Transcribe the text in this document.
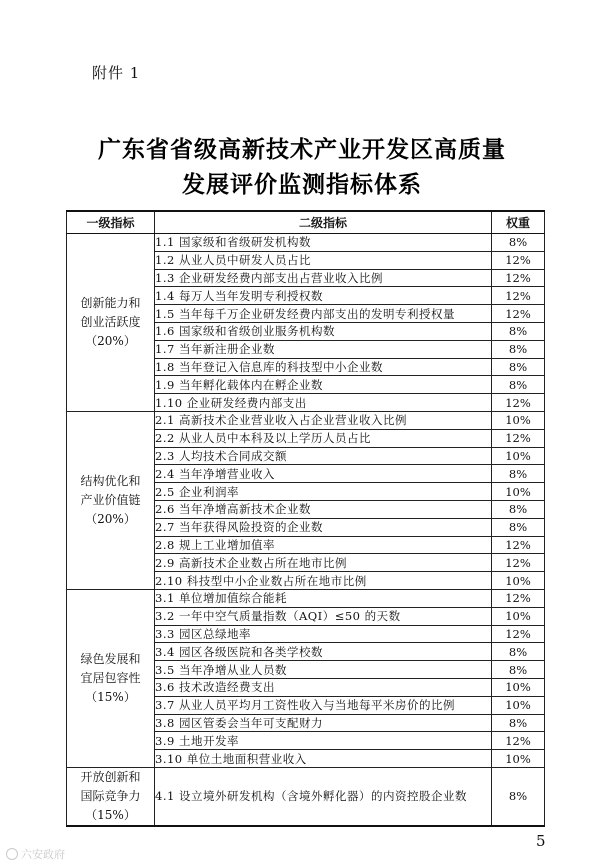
附件 1
广东省省级高新技术产业开发区高质量
发展评价监测指标体系
一级指标	二级指标	权重

创新能力和
创业活跃度
（20%）	1.1 国家级和省级研发机构数	8%
	1.2 从业人员中研发人员占比	12%
	1.3 企业研发经费内部支出占营业收入比例	12%
	1.4 每万人当年发明专利授权数	12%
	1.5 当年每千万企业研发经费内部支出的发明专利授权量	12%
	1.6 国家级和省级创业服务机构数	8%
	1.7 当年新注册企业数	8%
	1.8 当年登记入信息库的科技型中小企业数	8%
	1.9 当年孵化载体内在孵企业数	8%
	1.10 企业研发经费内部支出	12%

结构优化和
产业价值链
（20%）	2.1 高新技术企业营业收入占企业营业收入比例	10%
	2.2 从业人员中本科及以上学历人员占比	12%
	2.3 人均技术合同成交额	10%
	2.4 当年净增营业收入	8%
	2.5 企业利润率	10%
	2.6 当年净增高新技术企业数	8%
	2.7 当年获得风险投资的企业数	8%
	2.8 规上工业增加值率	12%
	2.9 高新技术企业数占所在地市比例	12%
	2.10 科技型中小企业数占所在地市比例	10%

绿色发展和
宜居包容性
（15%）	3.1 单位增加值综合能耗	12%
	3.2 一年中空气质量指数（AQI）≤50 的天数	10%
	3.3 园区总绿地率	12%
	3.4 园区各级医院和各类学校数	8%
	3.5 当年净增从业人员数	8%
	3.6 技术改造经费支出	10%
	3.7 从业人员平均月工资性收入与当地每平米房价的比例	10%
	3.8 园区管委会当年可支配财力	8%
	3.9 土地开发率	12%
	3.10 单位土地面积营业收入	10%

开放创新和
国际竞争力
（15%）	4.1 设立境外研发机构（含境外孵化器）的内资控股企业数	8%
5
六安政府
